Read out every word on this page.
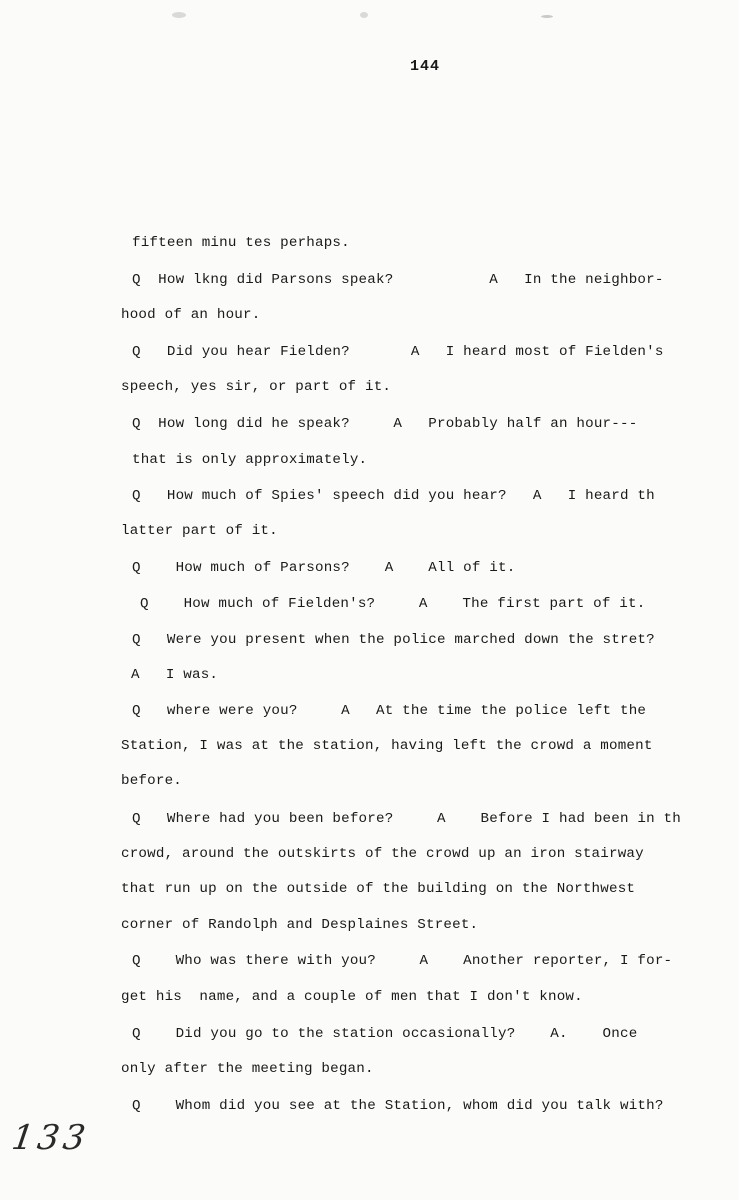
144
fifteen minu tes perhaps.
Q  How lkng did Parsons speak?           A   In the neighbor-
hood of an hour.
Q   Did you hear Fielden?       A   I heard most of Fielden's
speech, yes sir, or part of it.
Q  How long did he speak?     A   Probably half an hour---
that is only approximately.
Q   How much of Spies' speech did you hear?   A   I heard th
latter part of it.
Q    How much of Parsons?    A    All of it.
Q    How much of Fielden's?     A    The first part of it.
Q   Were you present when the police marched down the stret?
A   I was.
Q   where were you?     A   At the time the police left the
Station, I was at the station, having left the crowd a moment
before.
Q   Where had you been before?     A    Before I had been in th
crowd, around the outskirts of the crowd up an iron stairway
that run up on the outside of the building on the Northwest
corner of Randolph and Desplaines Street.
Q    Who was there with you?     A    Another reporter, I for-
get his  name, and a couple of men that I don't know.
Q    Did you go to the station occasionally?    A.    Once
only after the meeting began.
Q    Whom did you see at the Station, whom did you talk with?
133
